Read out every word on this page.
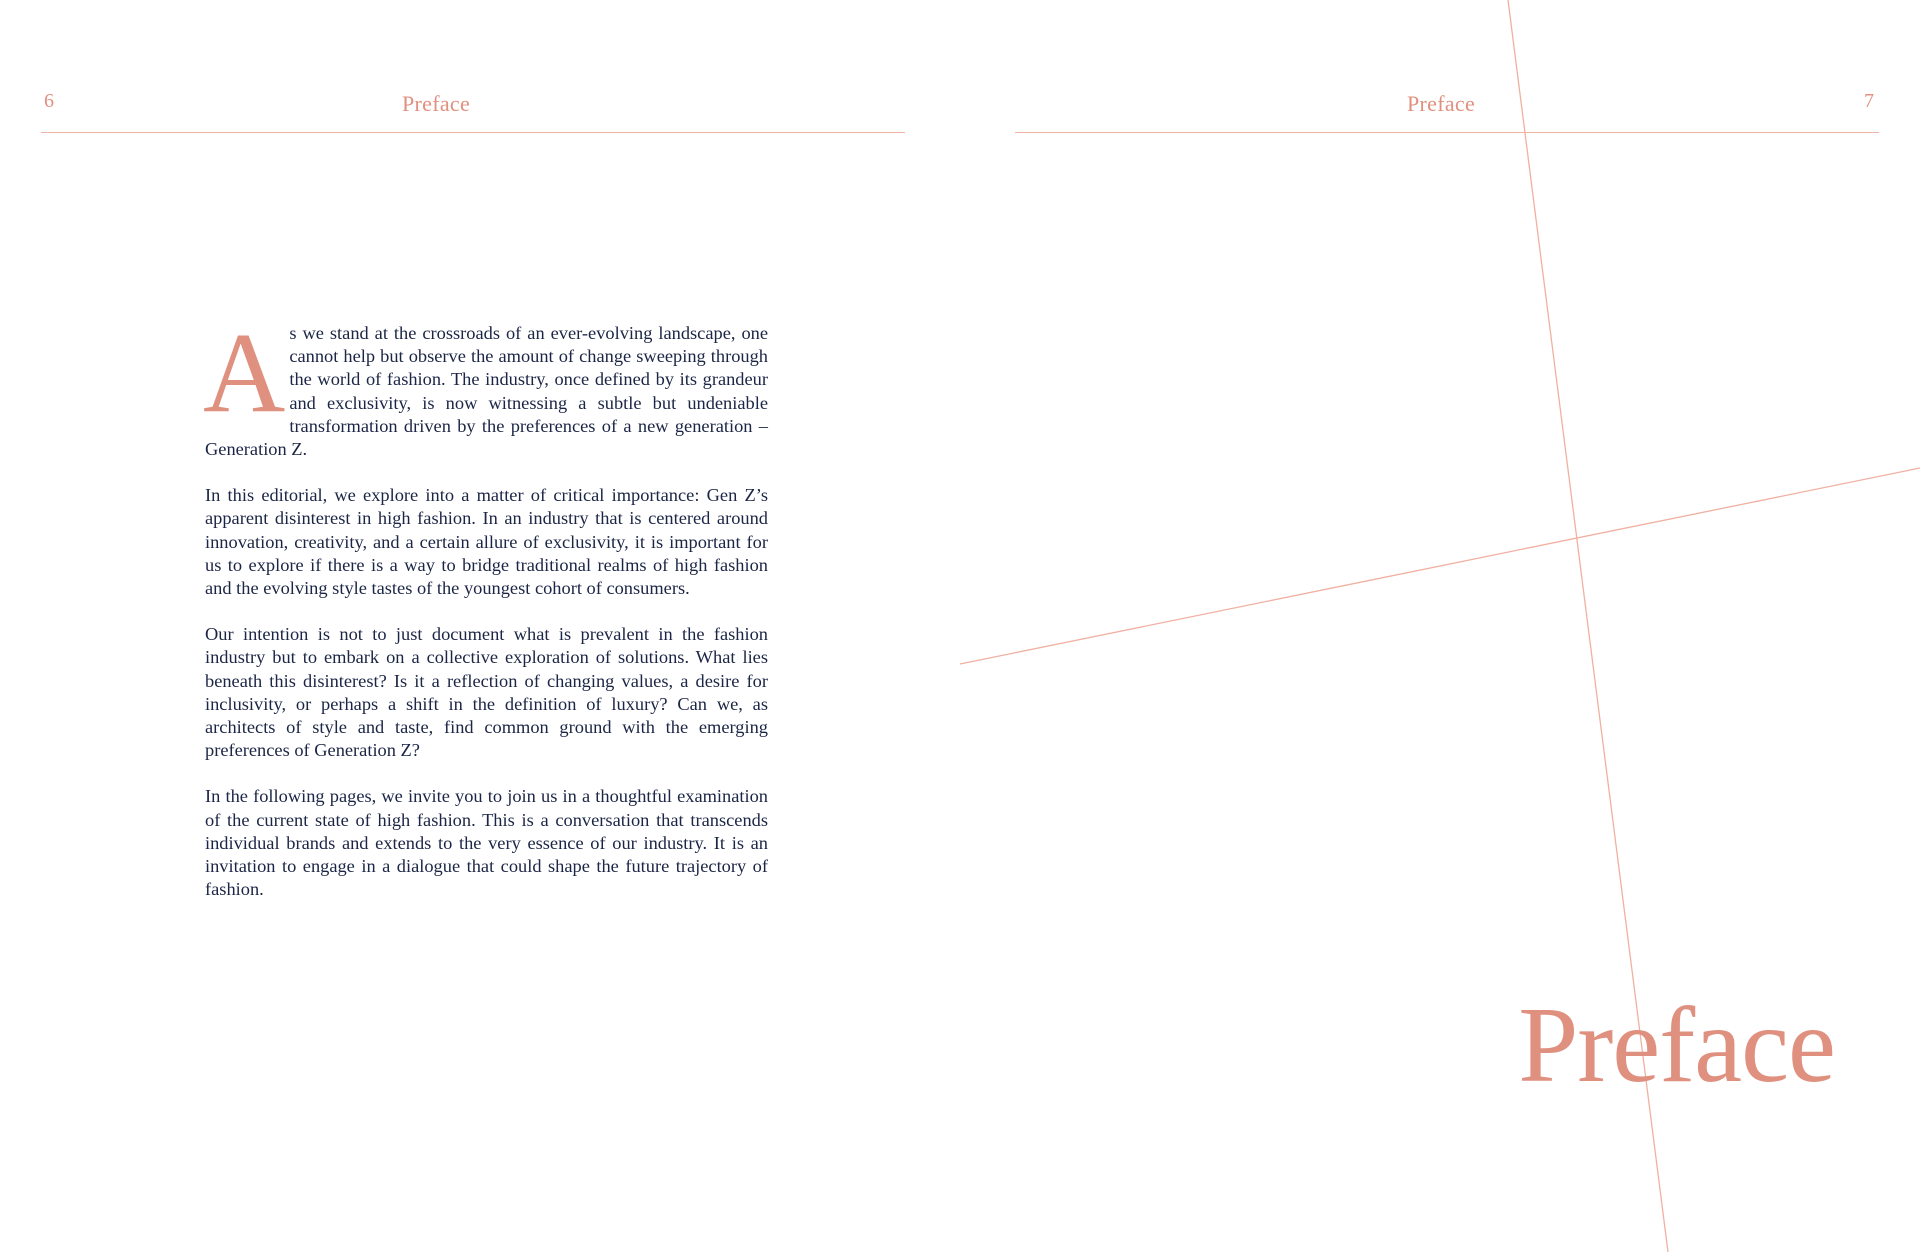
6	Preface	Preface	7

As we stand at the crossroads of an ever-evolving landscape, one cannot help but observe the amount of change sweeping through the world of fashion. The industry, once defined by its grandeur and exclusivity, is now witnessing a subtle but undeniable transformation driven by the preferences of a new generation – Generation Z.

In this editorial, we explore into a matter of critical importance: Gen Z’s apparent disinterest in high fashion. In an industry that is centered around innovation, creativity, and a certain allure of exclusivity, it is important for us to explore if there is a way to bridge traditional realms of high fashion and the evolving style tastes of the youngest cohort of consumers.

Our intention is not to just document what is prevalent in the fashion industry but to embark on a collective exploration of solutions. What lies beneath this disinterest? Is it a reflection of changing values, a desire for inclusivity, or perhaps a shift in the definition of luxury? Can we, as architects of style and taste, find common ground with the emerging preferences of Generation Z?

In the following pages, we invite you to join us in a thoughtful examination of the current state of high fashion. This is a conversation that transcends individual brands and extends to the very essence of our industry. It is an invitation to engage in a dialogue that could shape the future trajectory of fashion.

Preface
